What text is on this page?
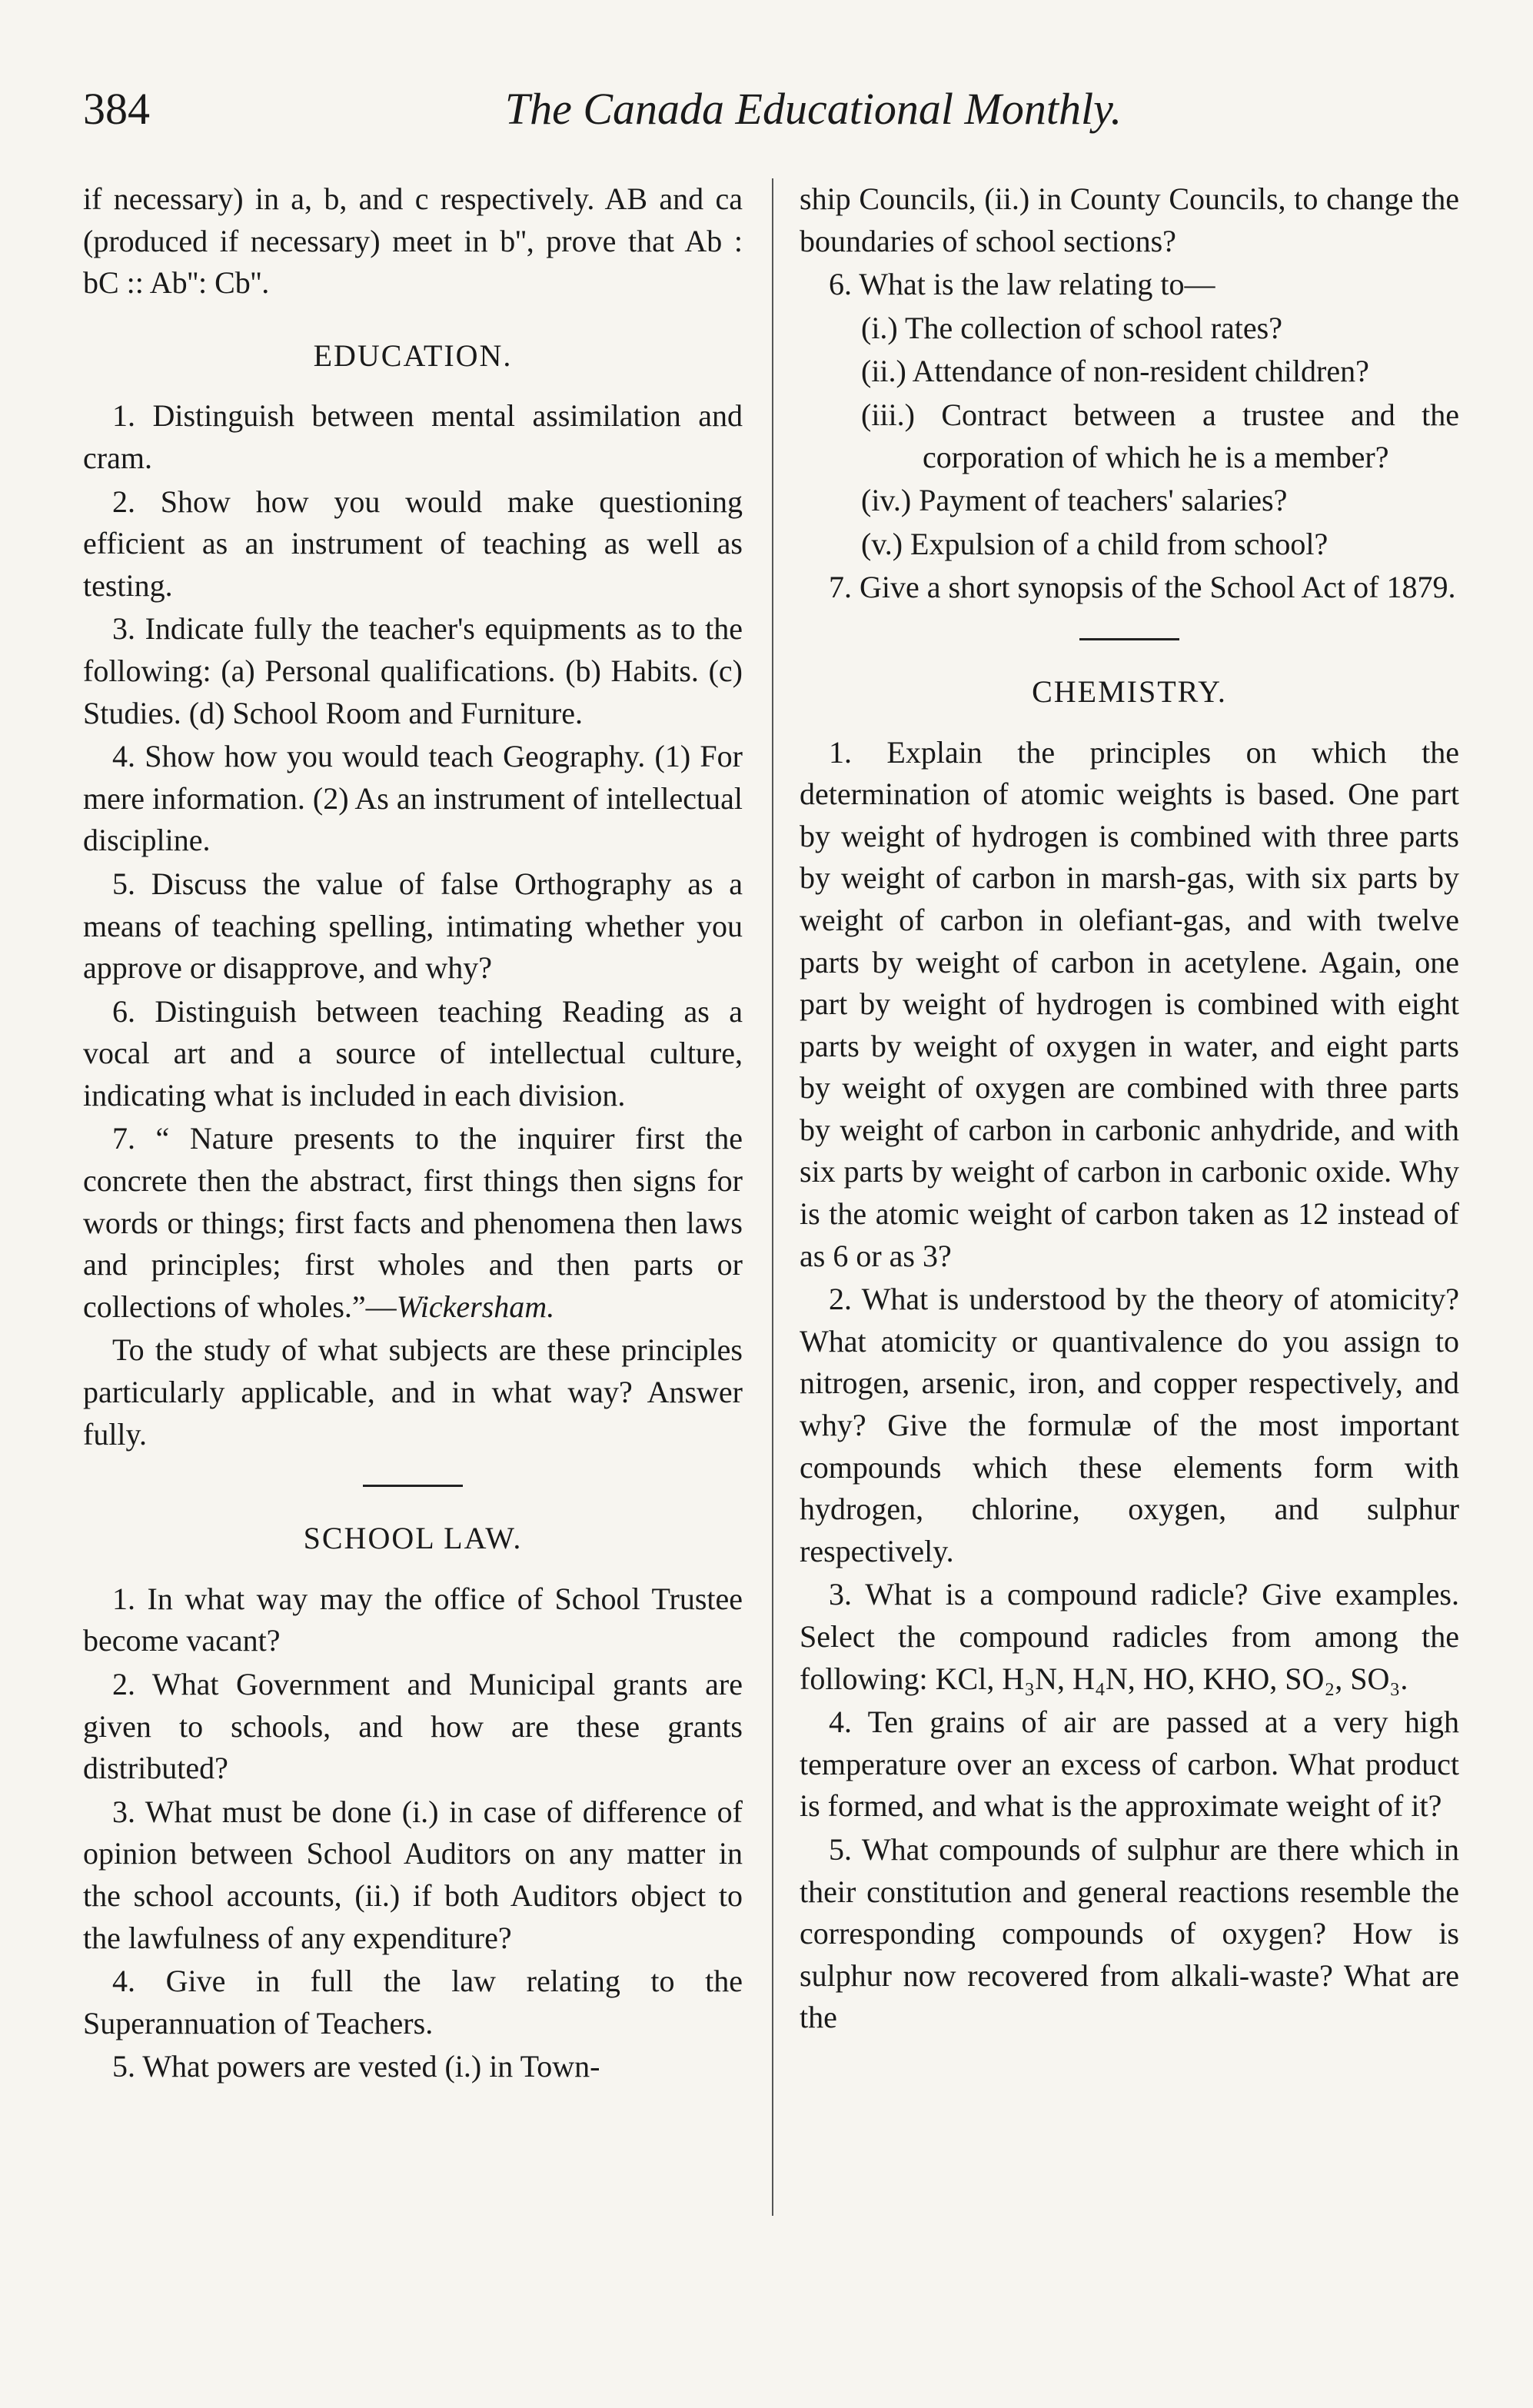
384	The Canada Educational Monthly.

if necessary) in a, b, and c respectively. AB and ca (produced if necessary) meet in b'', prove that Ab : bC :: Ab'': Cb''.

EDUCATION.

1. Distinguish between mental assimilation and cram.

2. Show how you would make questioning efficient as an instrument of teaching as well as testing.

3. Indicate fully the teacher's equipments as to the following: (a) Personal qualifications. (b) Habits. (c) Studies. (d) School Room and Furniture.

4. Show how you would teach Geography. (1) For mere information. (2) As an instrument of intellectual discipline.

5. Discuss the value of false Orthography as a means of teaching spelling, intimating whether you approve or disapprove, and why?

6. Distinguish between teaching Reading as a vocal art and a source of intellectual culture, indicating what is included in each division.

7. “ Nature presents to the inquirer first the concrete then the abstract, first things then signs for words or things; first facts and phenomena then laws and principles; first wholes and then parts or collections of wholes.”—Wickersham.

To the study of what subjects are these principles particularly applicable, and in what way? Answer fully.

SCHOOL LAW.

1. In what way may the office of School Trustee become vacant?

2. What Government and Municipal grants are given to schools, and how are these grants distributed?

3. What must be done (i.) in case of difference of opinion between School Auditors on any matter in the school accounts, (ii.) if both Auditors object to the lawfulness of any expenditure?

4. Give in full the law relating to the Superannuation of Teachers.

5. What powers are vested (i.) in Town-

ship Councils, (ii.) in County Councils, to change the boundaries of school sections?

6. What is the law relating to—

(i.) The collection of school rates?

(ii.) Attendance of non-resident children?

(iii.) Contract between a trustee and the corporation of which he is a member?

(iv.) Payment of teachers' salaries?

(v.) Expulsion of a child from school?

7. Give a short synopsis of the School Act of 1879.

CHEMISTRY.

1. Explain the principles on which the determination of atomic weights is based. One part by weight of hydrogen is combined with three parts by weight of carbon in marsh-gas, with six parts by weight of carbon in olefiant-gas, and with twelve parts by weight of carbon in acetylene. Again, one part by weight of hydrogen is combined with eight parts by weight of oxygen in water, and eight parts by weight of oxygen are combined with three parts by weight of carbon in carbonic anhydride, and with six parts by weight of carbon in carbonic oxide. Why is the atomic weight of carbon taken as 12 instead of as 6 or as 3?

2. What is understood by the theory of atomicity? What atomicity or quantivalence do you assign to nitrogen, arsenic, iron, and copper respectively, and why? Give the formulæ of the most important compounds which these elements form with hydrogen, chlorine, oxygen, and sulphur respectively.

3. What is a compound radicle? Give examples. Select the compound radicles from among the following: KCl, H₃N, H₄N, HO, KHO, SO₂, SO₃.

4. Ten grains of air are passed at a very high temperature over an excess of carbon. What product is formed, and what is the approximate weight of it?

5. What compounds of sulphur are there which in their constitution and general reactions resemble the corresponding compounds of oxygen? How is sulphur now recovered from alkali-waste? What are the
